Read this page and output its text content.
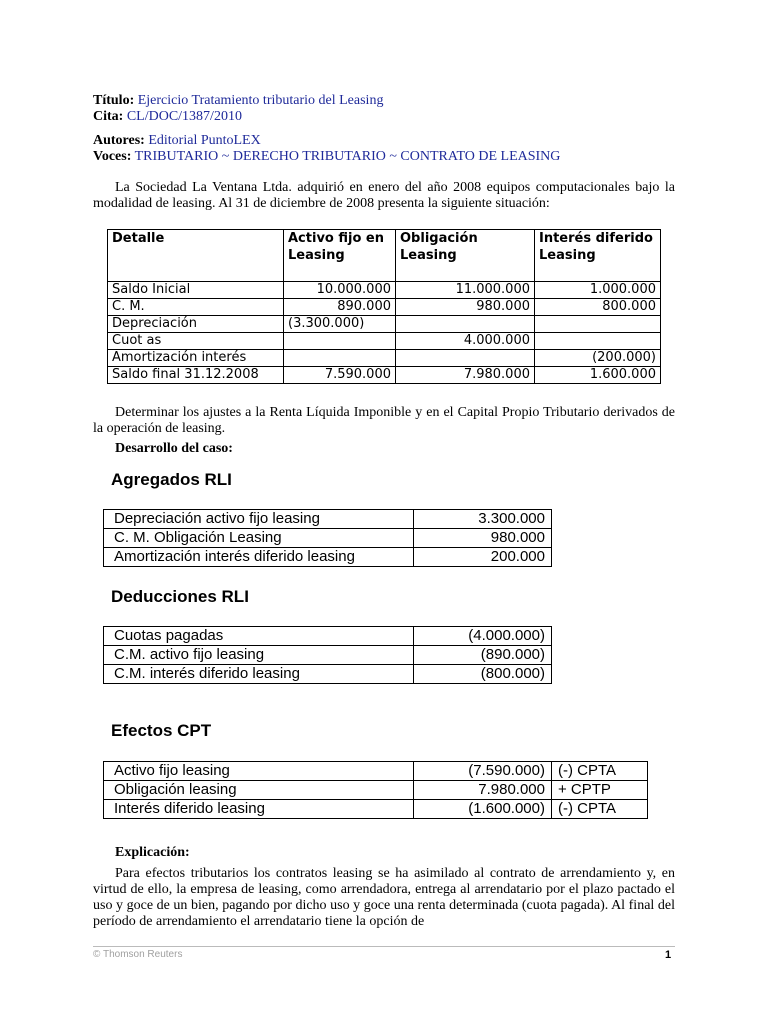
Título: Ejercicio Tratamiento tributario del Leasing
Cita: CL/DOC/1387/2010
Autores: Editorial PuntoLEX
Voces: TRIBUTARIO ~ DERECHO TRIBUTARIO ~ CONTRATO DE LEASING
La Sociedad La Ventana Ltda. adquirió en enero del año 2008 equipos computacionales bajo la modalidad de leasing. Al 31 de diciembre de 2008 presenta la siguiente situación:
Detalle	Activo fijo en Leasing	Obligación Leasing	Interés diferido Leasing
Saldo Inicial	10.000.000	11.000.000	1.000.000
C. M.	890.000	980.000	800.000
Depreciación	(3.300.000)		
Cuot as		4.000.000	
Amortización interés			(200.000)
Saldo final 31.12.2008	7.590.000	7.980.000	1.600.000
Determinar los ajustes a la Renta Líquida Imponible y en el Capital Propio Tributario derivados de la operación de leasing.
Desarrollo del caso:
Agregados RLI
Depreciación activo fijo leasing	3.300.000
C. M. Obligación Leasing	980.000
Amortización interés diferido leasing	200.000
Deducciones RLI
Cuotas pagadas	(4.000.000)
C.M. activo fijo leasing	(890.000)
C.M. interés diferido leasing	(800.000)
Efectos CPT
Activo fijo leasing	(7.590.000)	(-) CPTA
Obligación leasing	7.980.000	+ CPTP
Interés diferido leasing	(1.600.000)	(-) CPTA
Explicación:
Para efectos tributarios los contratos leasing se ha asimilado al contrato de arrendamiento y, en virtud de ello, la empresa de leasing, como arrendadora, entrega al arrendatario por el plazo pactado el uso y goce de un bien, pagando por dicho uso y goce una renta determinada (cuota pagada). Al final del período de arrendamiento el arrendatario tiene la opción de
© Thomson Reuters	1
